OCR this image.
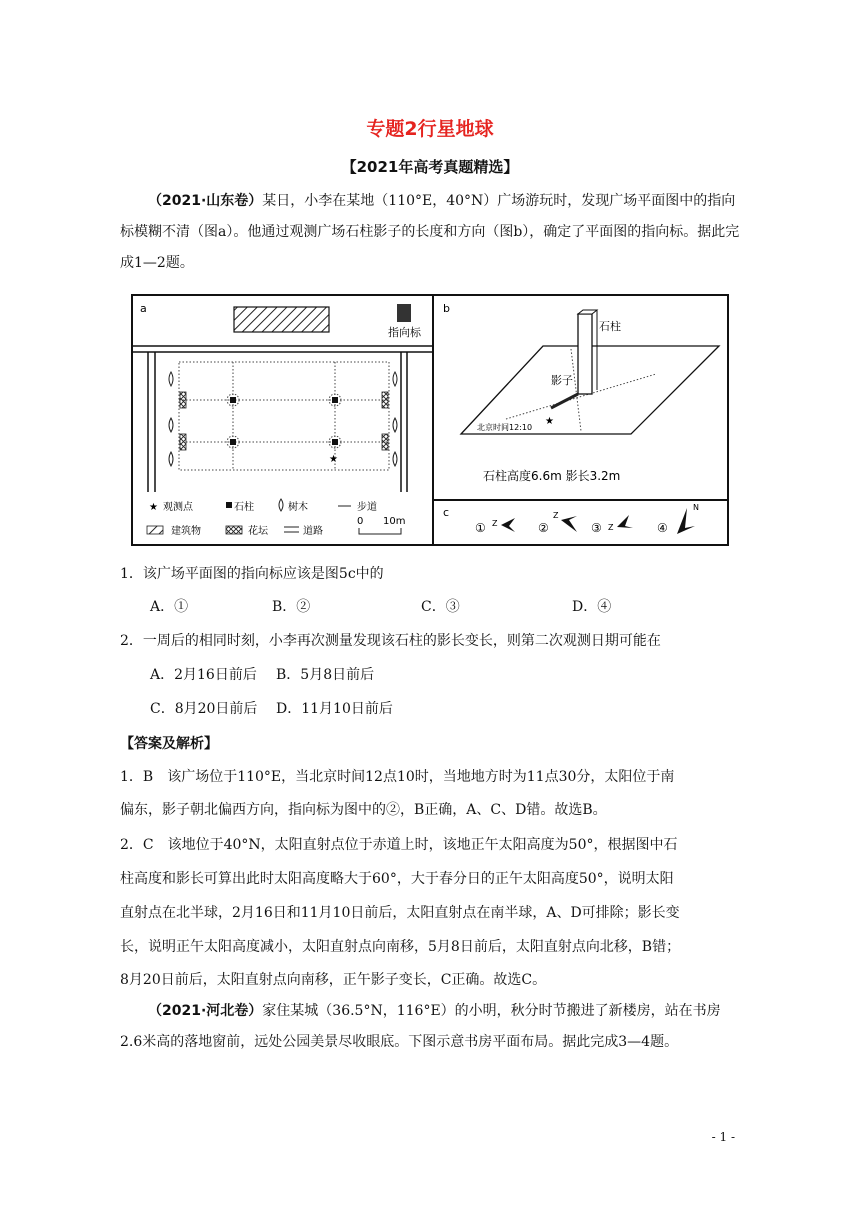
专题2行星地球
【2021年高考真题精选】
（2021·山东卷）某日，小李在某地（110°E，40°N）广场游玩时，发现广场平面图中的指向标模糊不清（图a）。他通过观测广场石柱影子的长度和方向（图b），确定了平面图的指向标。据此完成1—2题。
a
指向标
★
★ 观测点	石柱	树木	步道
建筑物	花坛	道路
0 10m
b
石柱
影子
★
北京时间12:10
石柱高度6.6m 影长3.2m
c
① Z	②
Z
③ Z	④
N
1．该广场平面图的指向标应该是图5c中的
A．①	B．②	C．③	D．④
2．一周后的相同时刻，小李再次测量发现该石柱的影长变长，则第二次观测日期可能在
A．2月16日前后 B．5月8日前后
C．8月20日前后 D．11月10日前后
【答案及解析】
1．B　该广场位于110°E，当北京时间12点10时，当地地方时为11点30分，太阳位于南
偏东，影子朝北偏西方向，指向标为图中的②，B正确，A、C、D错。故选B。
2．C　该地位于40°N，太阳直射点位于赤道上时，该地正午太阳高度为50°，根据图中石
柱高度和影长可算出此时太阳高度略大于60°，大于春分日的正午太阳高度50°，说明太阳
直射点在北半球，2月16日和11月10日前后，太阳直射点在南半球，A、D可排除；影长变
长，说明正午太阳高度减小，太阳直射点向南移，5月8日前后，太阳直射点向北移，B错；
8月20日前后，太阳直射点向南移，正午影子变长，C正确。故选C。
（2021·河北卷）家住某城（36.5°N，116°E）的小明，秋分时节搬进了新楼房，站在书房2.6米高的落地窗前，远处公园美景尽收眼底。下图示意书房平面布局。据此完成3—4题。
- 1 -
